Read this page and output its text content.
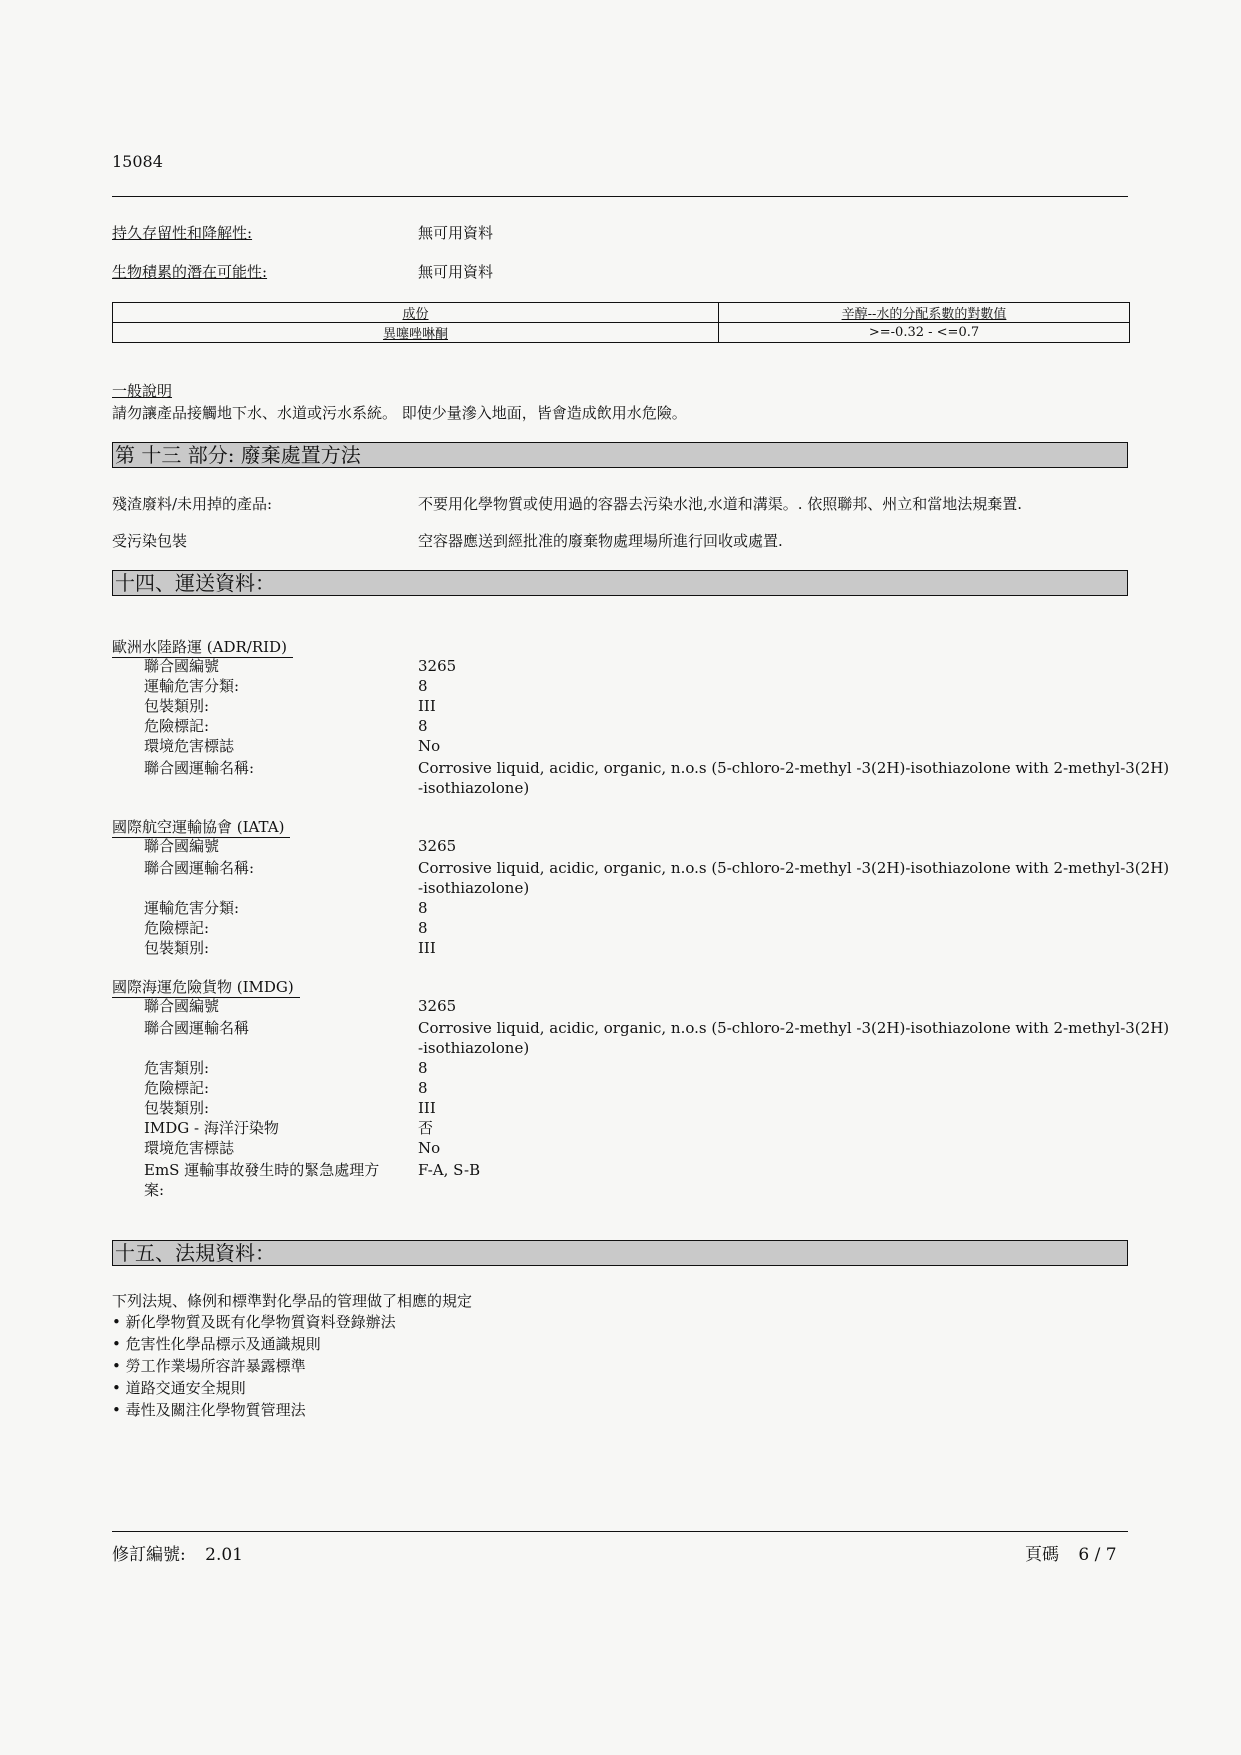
15084
持久存留性和降解性:	無可用資料
生物積累的潛在可能性:	無可用資料
成份	辛醇--水的分配系數的對數值
異噻唑啉酮	>=-0.32 - <=0.7
一般說明
請勿讓產品接觸地下水、水道或污水系統。 即使少量滲入地面，皆會造成飲用水危險。
第 十三 部分: 廢棄處置方法
殘渣廢料/未用掉的產品:	不要用化學物質或使用過的容器去污染水池,水道和溝渠。. 依照聯邦、州立和當地法規棄置.
受污染包裝	空容器應送到經批准的廢棄物處理場所進行回收或處置.
十四、運送資料：
歐洲水陸路運 (ADR/RID)
聯合國編號	3265
運輸危害分類:	8
包裝類別:	III
危險標記:	8
環境危害標誌	No
聯合國運輸名稱:	Corrosive liquid, acidic, organic, n.o.s (5-chloro-2-methyl -3(2H)-isothiazolone with 2-methyl-3(2H)
-isothiazolone)
國際航空運輸協會 (IATA)
聯合國編號	3265
聯合國運輸名稱:	Corrosive liquid, acidic, organic, n.o.s (5-chloro-2-methyl -3(2H)-isothiazolone with 2-methyl-3(2H)
-isothiazolone)
運輸危害分類:	8
危險標記:	8
包裝類別:	III
國際海運危險貨物 (IMDG)
聯合國編號	3265
聯合國運輸名稱	Corrosive liquid, acidic, organic, n.o.s (5-chloro-2-methyl -3(2H)-isothiazolone with 2-methyl-3(2H)
-isothiazolone)
危害類別:	8
危險標記:	8
包裝類別:	III
IMDG - 海洋汙染物	否
環境危害標誌	No
EmS 運輸事故發生時的緊急處理方	F-A, S-B
案:
十五、法規資料：
下列法規、條例和標準對化學品的管理做了相應的規定
• 新化學物質及既有化學物質資料登錄辦法
• 危害性化學品標示及通識規則
• 勞工作業場所容許暴露標準
• 道路交通安全規則
• 毒性及關注化學物質管理法
修訂編號: 2.01	頁碼 6 / 7
